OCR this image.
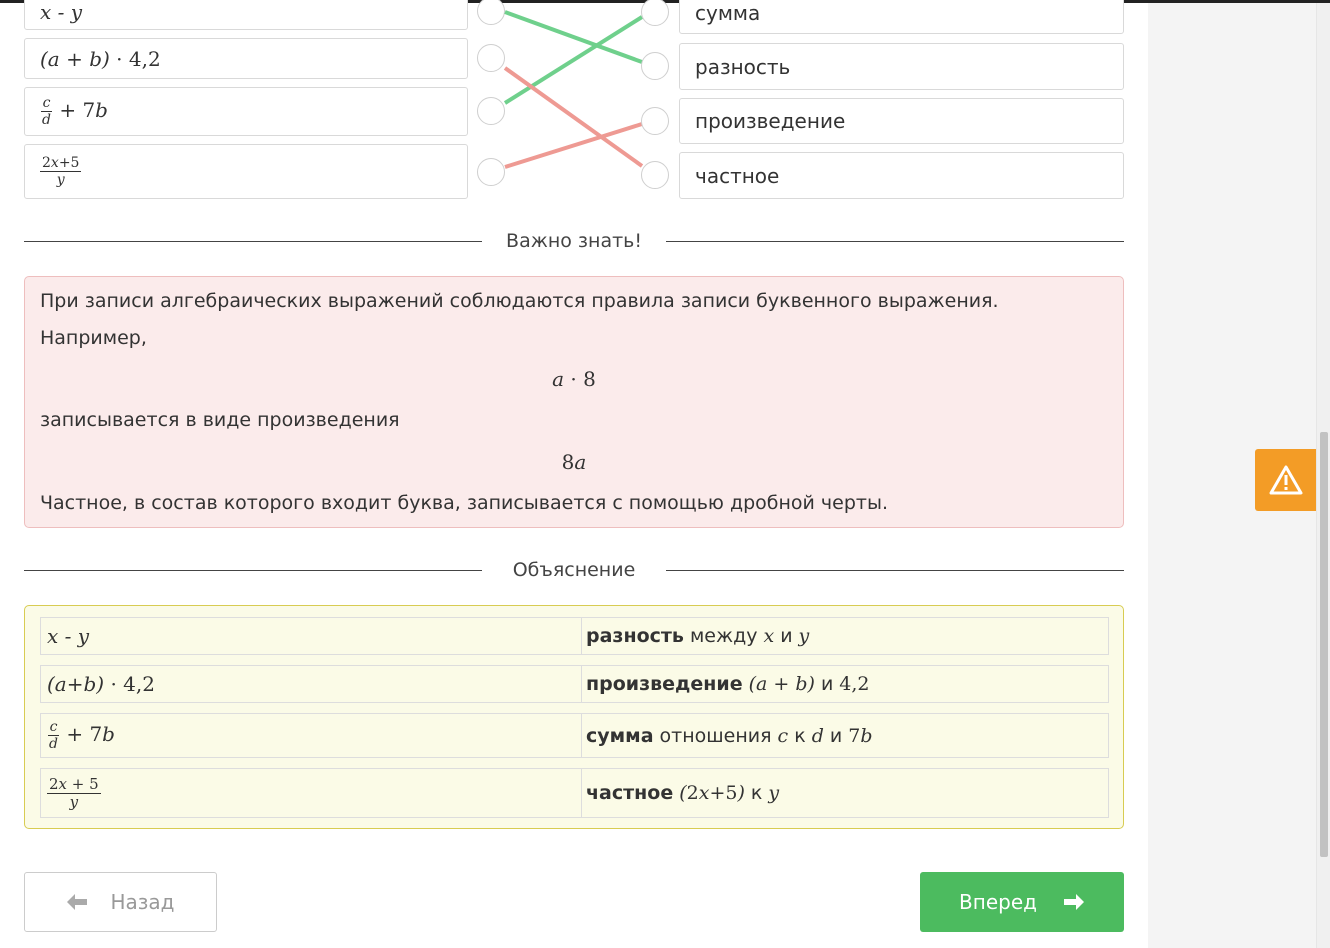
x - y
(a + b) · 4,2
$\frac{c}{d} + 7b$
$\frac{2x+5}{y}$
сумма
разность
произведение
частное
Важно знать!
При записи алгебраических выражений соблюдаются правила записи буквенного выражения.
Например,
a · 8
записывается в виде произведения
8a
Частное, в состав которого входит буква, записывается с помощью дробной черты.
Объяснение
x - y	разность между x и y
(a+b) · 4,2	произведение (a + b) и 4,2
$\frac{c}{d} + 7b$	сумма отношения c к d и 7b
$\frac{2x + 5}{y}$	частное (2x+5) к y
Назад	Вперед
